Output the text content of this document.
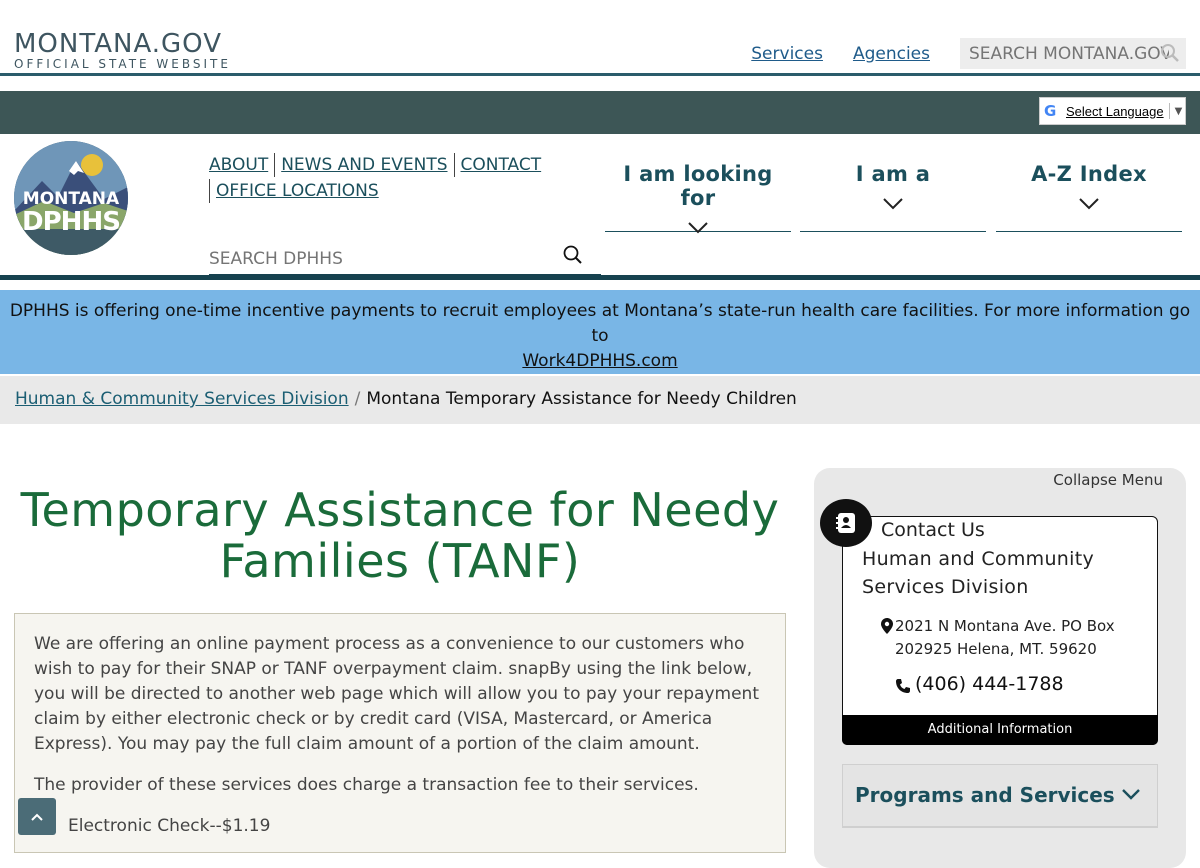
MONTANA.GOV
OFFICIAL STATE WEBSITE
Services Agencies
SEARCH MONTANA.GOV
G Select Language ▼
MONTANA
DPHHS
ABOUT NEWS AND EVENTS CONTACT
OFFICE LOCATIONS
SEARCH DPHHS
I am looking for
I am a	A-Z Index
DPHHS is offering one-time incentive payments to recruit employees at Montana’s state-run health care facilities. For more information go to
Work4DPHHS.com
Human & Community Services Division / Montana Temporary Assistance for Needy Children
Temporary Assistance for Needy Families (TANF)

We are offering an online payment process as a convenience to our customers who wish to pay for their SNAP or TANF overpayment claim. snapBy using the link below, you will be directed to another web page which will allow you to pay your repayment claim by either electronic check or by credit card (VISA, Mastercard, or America Express). You may pay the full claim amount of a portion of the claim amount.

The provider of these services does charge a transaction fee to their services.

Electronic Check--$1.19
Collapse Menu
Contact Us
Human and Community Services Division
2021 N Montana Ave. PO Box 202925 Helena, MT. 59620
(406) 444-1788
Additional Information
Programs and Services
